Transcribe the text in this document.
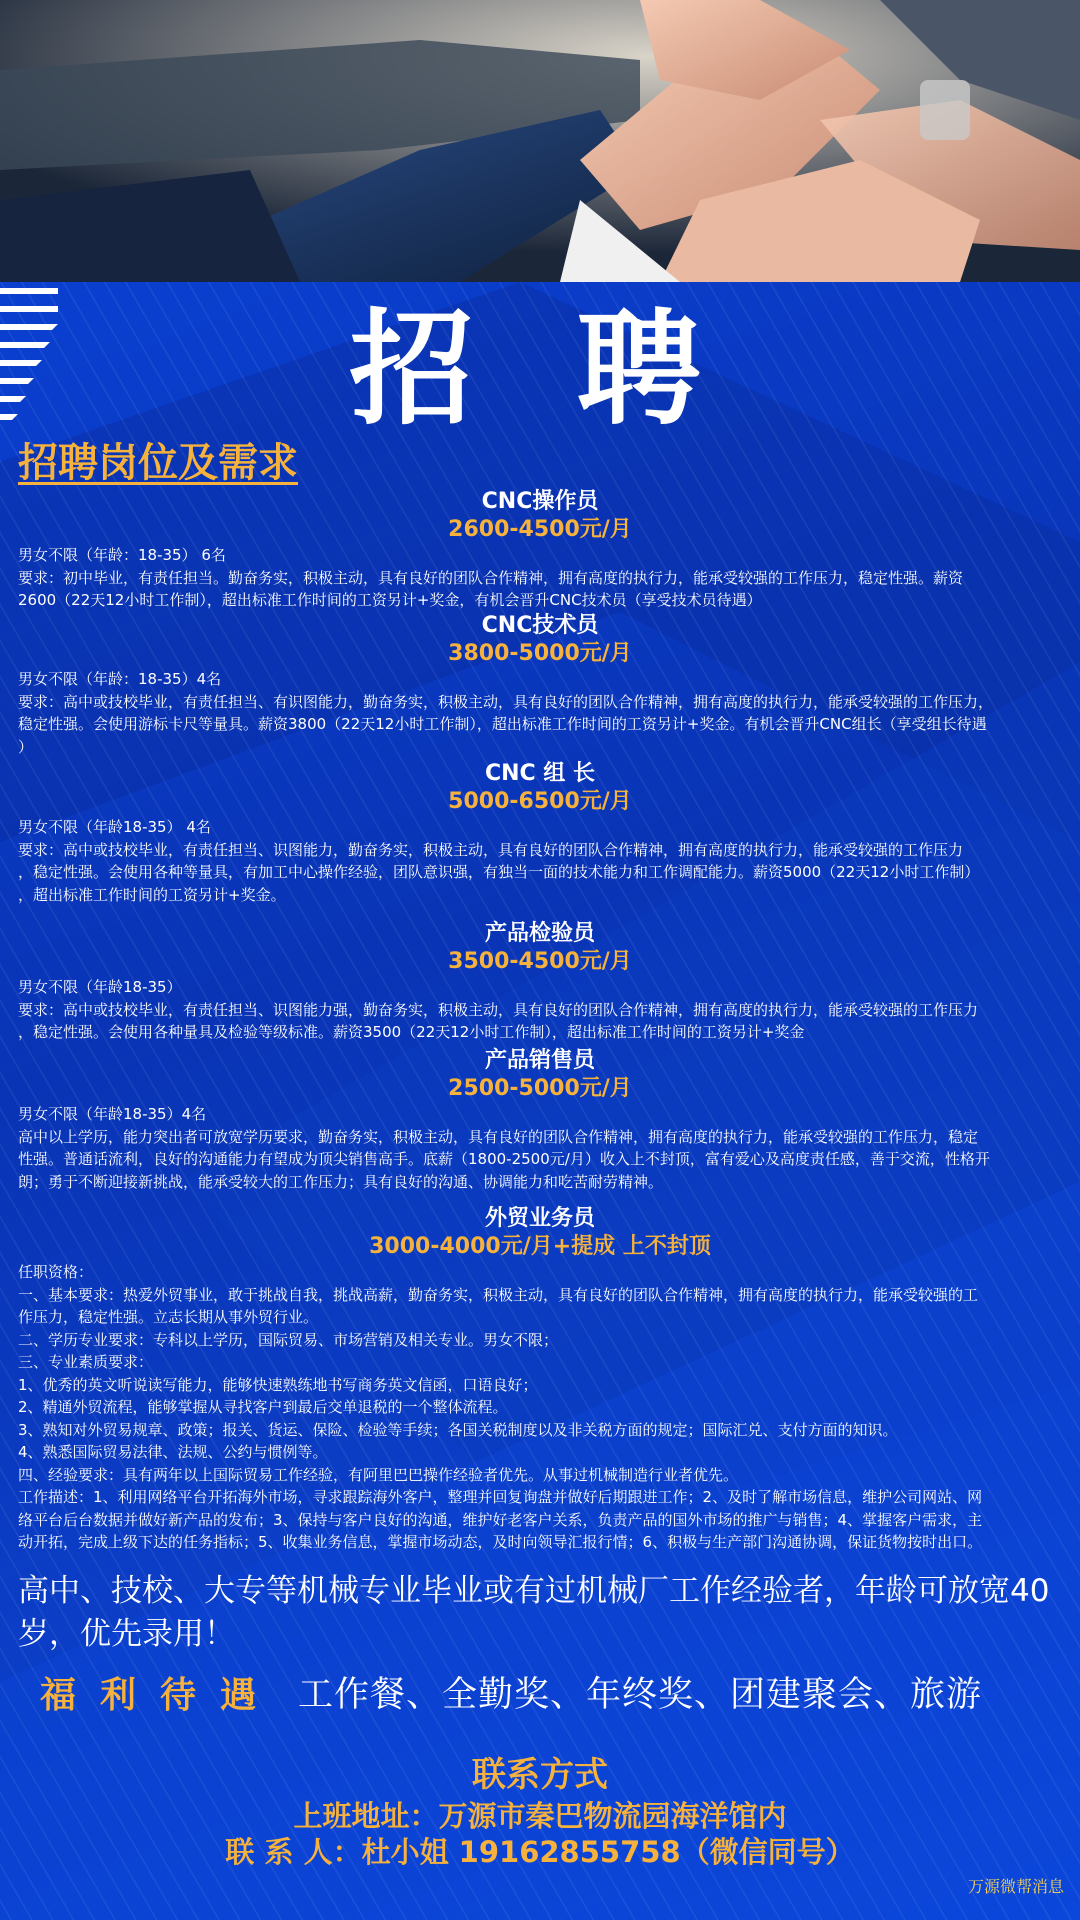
招 聘
招聘岗位及需求
CNC操作员
2600-4500元/月
男女不限（年龄：18-35） 6名
要求：初中毕业，有责任担当。勤奋务实，积极主动，具有良好的团队合作精神，拥有高度的执行力，能承受较强的工作压力，稳定性强。薪资
2600（22天12小时工作制），超出标准工作时间的工资另计+奖金，有机会晋升CNC技术员（享受技术员待遇）
CNC技术员
3800-5000元/月
男女不限（年龄：18-35）4名
要求：高中或技校毕业，有责任担当、有识图能力，勤奋务实，积极主动，具有良好的团队合作精神，拥有高度的执行力，能承受较强的工作压力，
稳定性强。会使用游标卡尺等量具。薪资3800（22天12小时工作制），超出标准工作时间的工资另计+奖金。有机会晋升CNC组长（享受组长待遇
）
CNC 组 长
5000-6500元/月
男女不限（年龄18-35） 4名
要求：高中或技校毕业，有责任担当、识图能力，勤奋务实，积极主动，具有良好的团队合作精神，拥有高度的执行力，能承受较强的工作压力
，稳定性强。会使用各种等量具，有加工中心操作经验，团队意识强，有独当一面的技术能力和工作调配能力。薪资5000（22天12小时工作制）
，超出标准工作时间的工资另计+奖金。
产品检验员
3500-4500元/月
男女不限（年龄18-35）
要求：高中或技校毕业，有责任担当、识图能力强，勤奋务实，积极主动，具有良好的团队合作精神，拥有高度的执行力，能承受较强的工作压力
，稳定性强。会使用各种量具及检验等级标准。薪资3500（22天12小时工作制），超出标准工作时间的工资另计+奖金
产品销售员
2500-5000元/月
男女不限（年龄18-35）4名
高中以上学历，能力突出者可放宽学历要求，勤奋务实，积极主动，具有良好的团队合作精神，拥有高度的执行力，能承受较强的工作压力，稳定
性强。普通话流利，良好的沟通能力有望成为顶尖销售高手。底薪（1800-2500元/月）收入上不封顶，富有爱心及高度责任感，善于交流，性格开
朗；勇于不断迎接新挑战，能承受较大的工作压力；具有良好的沟通、协调能力和吃苦耐劳精神。
外贸业务员
3000-4000元/月+提成 上不封顶
任职资格：
一、基本要求：热爱外贸事业，敢于挑战自我，挑战高薪，勤奋务实，积极主动，具有良好的团队合作精神，拥有高度的执行力，能承受较强的工
作压力，稳定性强。立志长期从事外贸行业。
二、学历专业要求：专科以上学历，国际贸易、市场营销及相关专业。男女不限；
三、专业素质要求：
1、优秀的英文听说读写能力，能够快速熟练地书写商务英文信函，口语良好；
2、精通外贸流程，能够掌握从寻找客户到最后交单退税的一个整体流程。
3、熟知对外贸易规章、政策；报关、货运、保险、检验等手续；各国关税制度以及非关税方面的规定；国际汇兑、支付方面的知识。
4、熟悉国际贸易法律、法规、公约与惯例等。
四、经验要求：具有两年以上国际贸易工作经验，有阿里巴巴操作经验者优先。从事过机械制造行业者优先。
工作描述：1、利用网络平台开拓海外市场，寻求跟踪海外客户，整理并回复询盘并做好后期跟进工作；2、及时了解市场信息，维护公司网站、网
络平台后台数据并做好新产品的发布；3、保持与客户良好的沟通，维护好老客户关系，负责产品的国外市场的推广与销售；4、掌握客户需求，主
动开拓，完成上级下达的任务指标；5、收集业务信息，掌握市场动态，及时向领导汇报行情；6、积极与生产部门沟通协调，保证货物按时出口。
高中、技校、大专等机械专业毕业或有过机械厂工作经验者，年龄可放宽40岁，优先录用！
福利待遇 工作餐、全勤奖、年终奖、团建聚会、旅游
联系方式
上班地址：万源市秦巴物流园海洋馆内
联 系 人：杜小姐 19162855758（微信同号）
万源微帮消息
